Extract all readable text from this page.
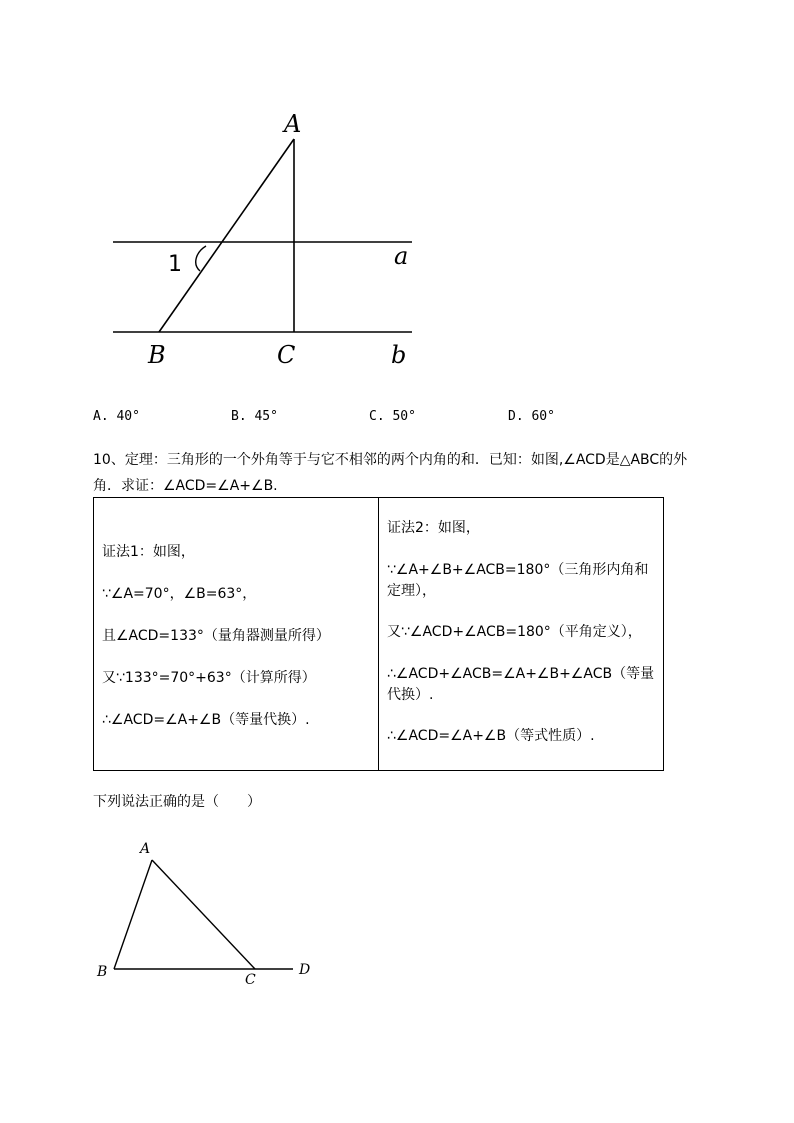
A
1	a
B	C	b
A. 40°	B. 45°	C. 50°	D. 60°
10、定理：三角形的一个外角等于与它不相邻的两个内角的和．已知：如图,∠ACD是△ABC的外
角．求证：∠ACD=∠A+∠B.
证法1：如图，
∵∠A=70°，∠B=63°，
且∠ACD=133°（量角器测量所得）
又∵133°=70°+63°（计算所得）
∴∠ACD=∠A+∠B（等量代换）.

证法2：如图，
∵∠A+∠B+∠ACB=180°（三角形内角和定理），
又∵∠ACD+∠ACB=180°（平角定义），
∴∠ACD+∠ACB=∠A+∠B+∠ACB（等量代换）.
∴∠ACD=∠A+∠B（等式性质）.
下列说法正确的是（　　）
A
B	C
D
